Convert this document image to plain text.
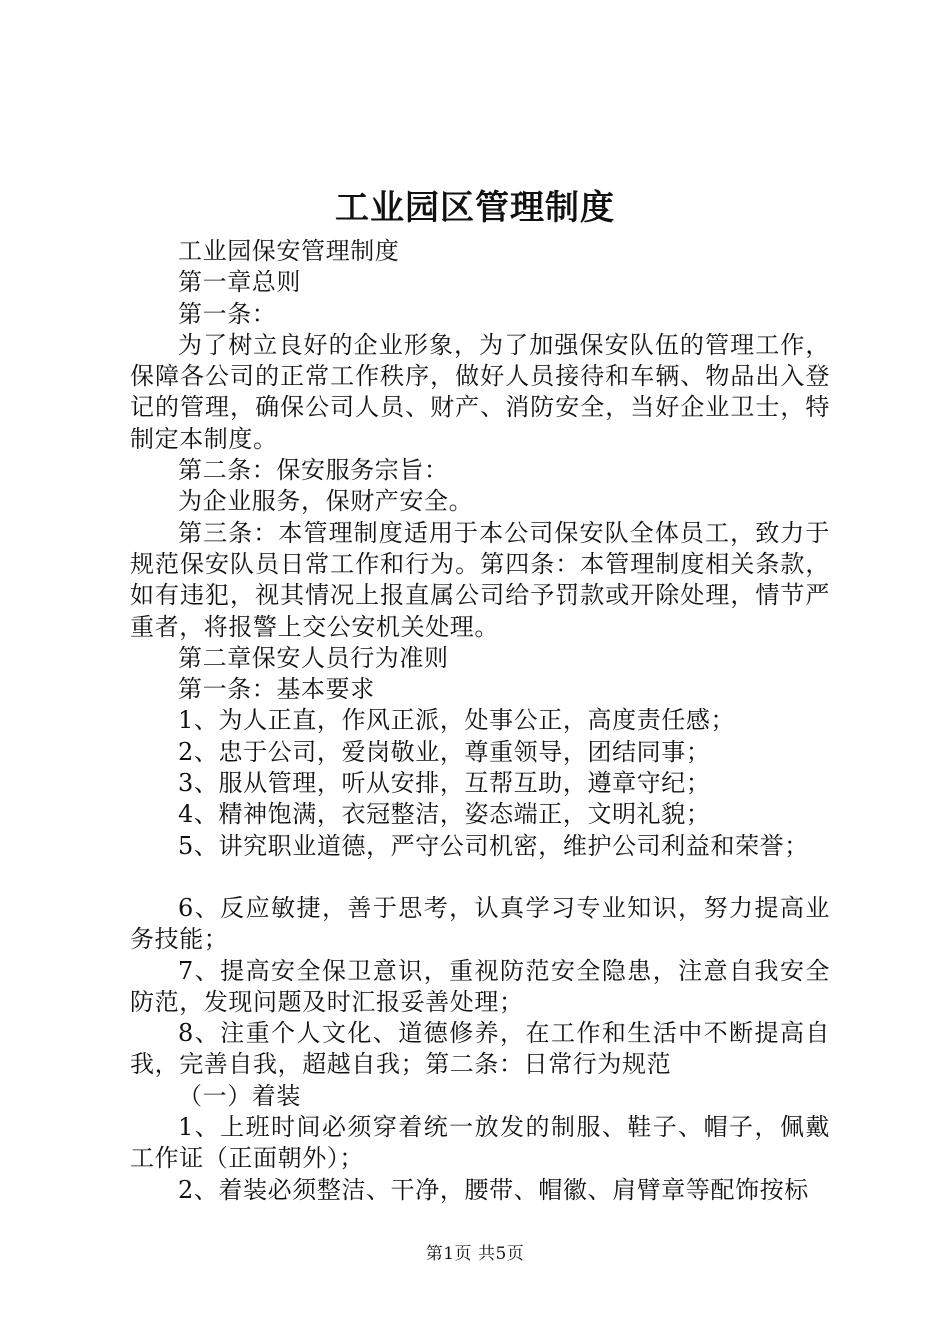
工业园区管理制度

工业园保安管理制度

第一章总则

第一条：

为了树立良好的企业形象，为了加强保安队伍的管理工作，保障各公司的正常工作秩序，做好人员接待和车辆、物品出入登记的管理，确保公司人员、财产、消防安全，当好企业卫士，特制定本制度。

第二条：保安服务宗旨：

为企业服务，保财产安全。

第三条：本管理制度适用于本公司保安队全体员工，致力于规范保安队员日常工作和行为。第四条：本管理制度相关条款，如有违犯，视其情况上报直属公司给予罚款或开除处理，情节严重者，将报警上交公安机关处理。

第二章保安人员行为准则

第一条：基本要求

1、为人正直，作风正派，处事公正，高度责任感；

2、忠于公司，爱岗敬业，尊重领导，团结同事；

3、服从管理，听从安排，互帮互助，遵章守纪；

4、精神饱满，衣冠整洁，姿态端正，文明礼貌；

5、讲究职业道德，严守公司机密，维护公司利益和荣誉；

6、反应敏捷，善于思考，认真学习专业知识，努力提高业务技能；

7、提高安全保卫意识，重视防范安全隐患，注意自我安全防范，发现问题及时汇报妥善处理；

8、注重个人文化、道德修养，在工作和生活中不断提高自我，完善自我，超越自我；第二条：日常行为规范

（一）着装

1、上班时间必须穿着统一放发的制服、鞋子、帽子，佩戴工作证（正面朝外）；

2、着装必须整洁、干净，腰带、帽徽、肩臂章等配饰按标

第1页 共5页
